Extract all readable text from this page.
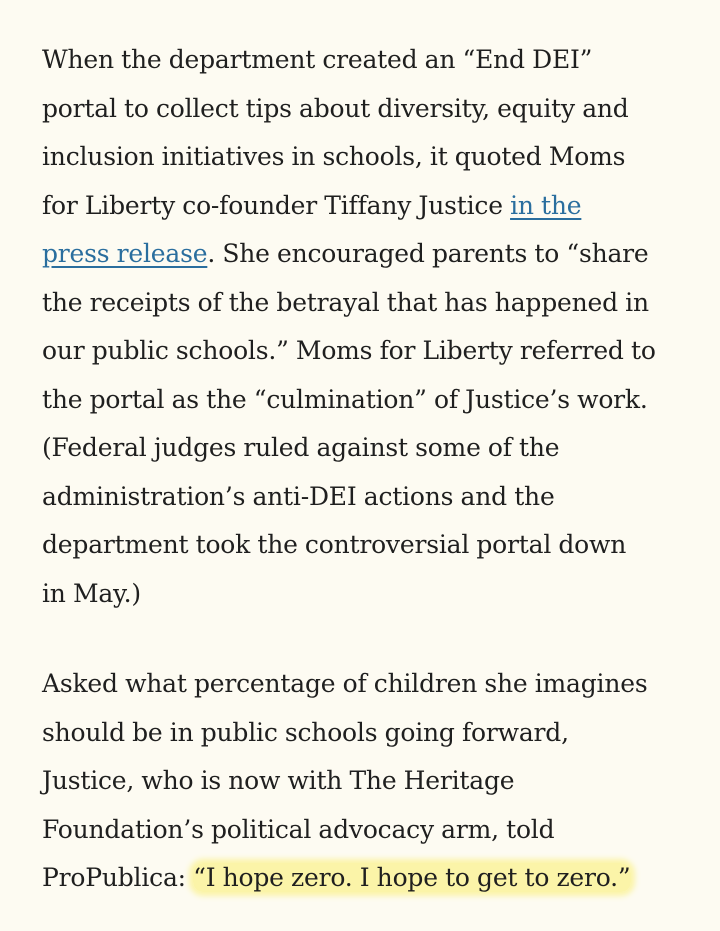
When the department created an “End DEI”
portal to collect tips about diversity, equity and
inclusion initiatives in schools, it quoted Moms
for Liberty co-founder Tiffany Justice in the
press release. She encouraged parents to “share
the receipts of the betrayal that has happened in
our public schools.” Moms for Liberty referred to
the portal as the “culmination” of Justice’s work.
(Federal judges ruled against some of the
administration’s anti-DEI actions and the
department took the controversial portal down
in May.)

Asked what percentage of children she imagines
should be in public schools going forward,
Justice, who is now with The Heritage
Foundation’s political advocacy arm, told
ProPublica: “I hope zero. I hope to get to zero.”
